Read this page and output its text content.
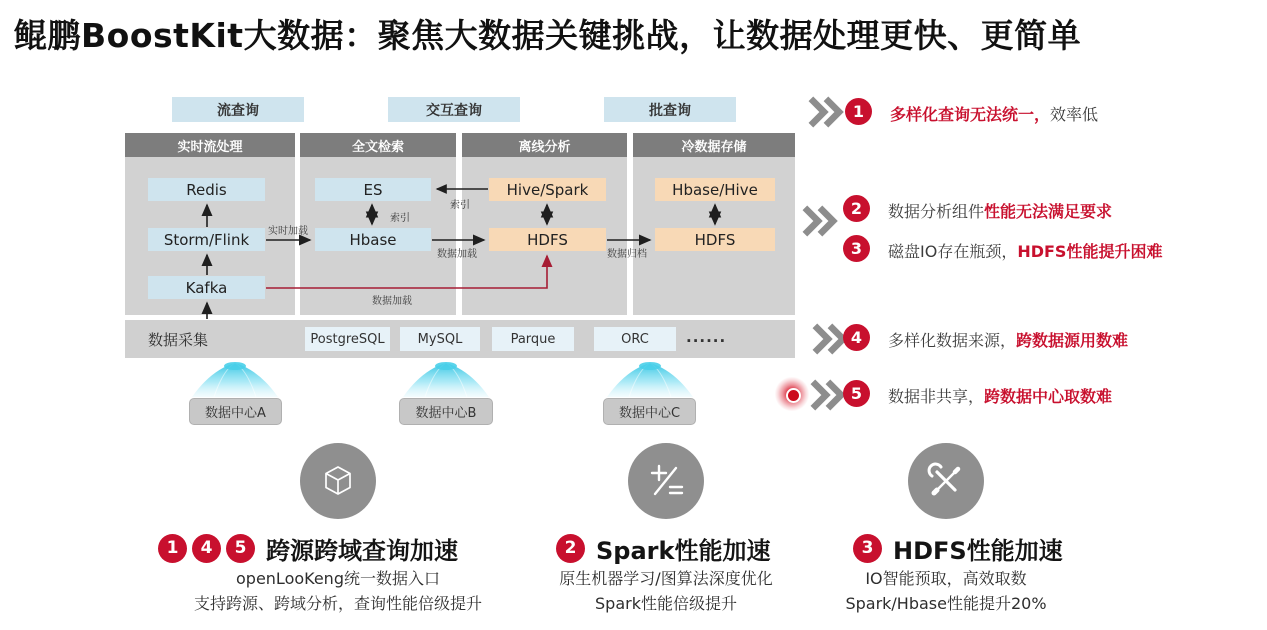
鲲鹏BoostKit大数据：聚焦大数据关键挑战，让数据处理更快、更简单
流查询	交互查询	批查询
实时流处理	全文检索	离线分析	冷数据存储
Redis
Storm/Flink
Kafka
ES
Hbase
Hive/Spark
HDFS
Hbase/Hive
HDFS
实时加载
索引
索引
数据加载	数据归档
数据加载
数据采集	PostgreSQL	MySQL	Parque	ORC	......
数据中心A	数据中心B	数据中心C
1	多样化查询无法统一，效率低
2	数据分析组件性能无法满足要求
3	磁盘IO存在瓶颈，HDFS性能提升困难
4	多样化数据来源，跨数据源用数难
5	数据非共享，跨数据中心取数难
1	4	5 跨源跨域查询加速	2 Spark性能加速	3 HDFS性能加速
openLooKeng统一数据入口
支持跨源、跨域分析，查询性能倍级提升
原生机器学习/图算法深度优化
Spark性能倍级提升
IO智能预取，高效取数
Spark/Hbase性能提升20%
